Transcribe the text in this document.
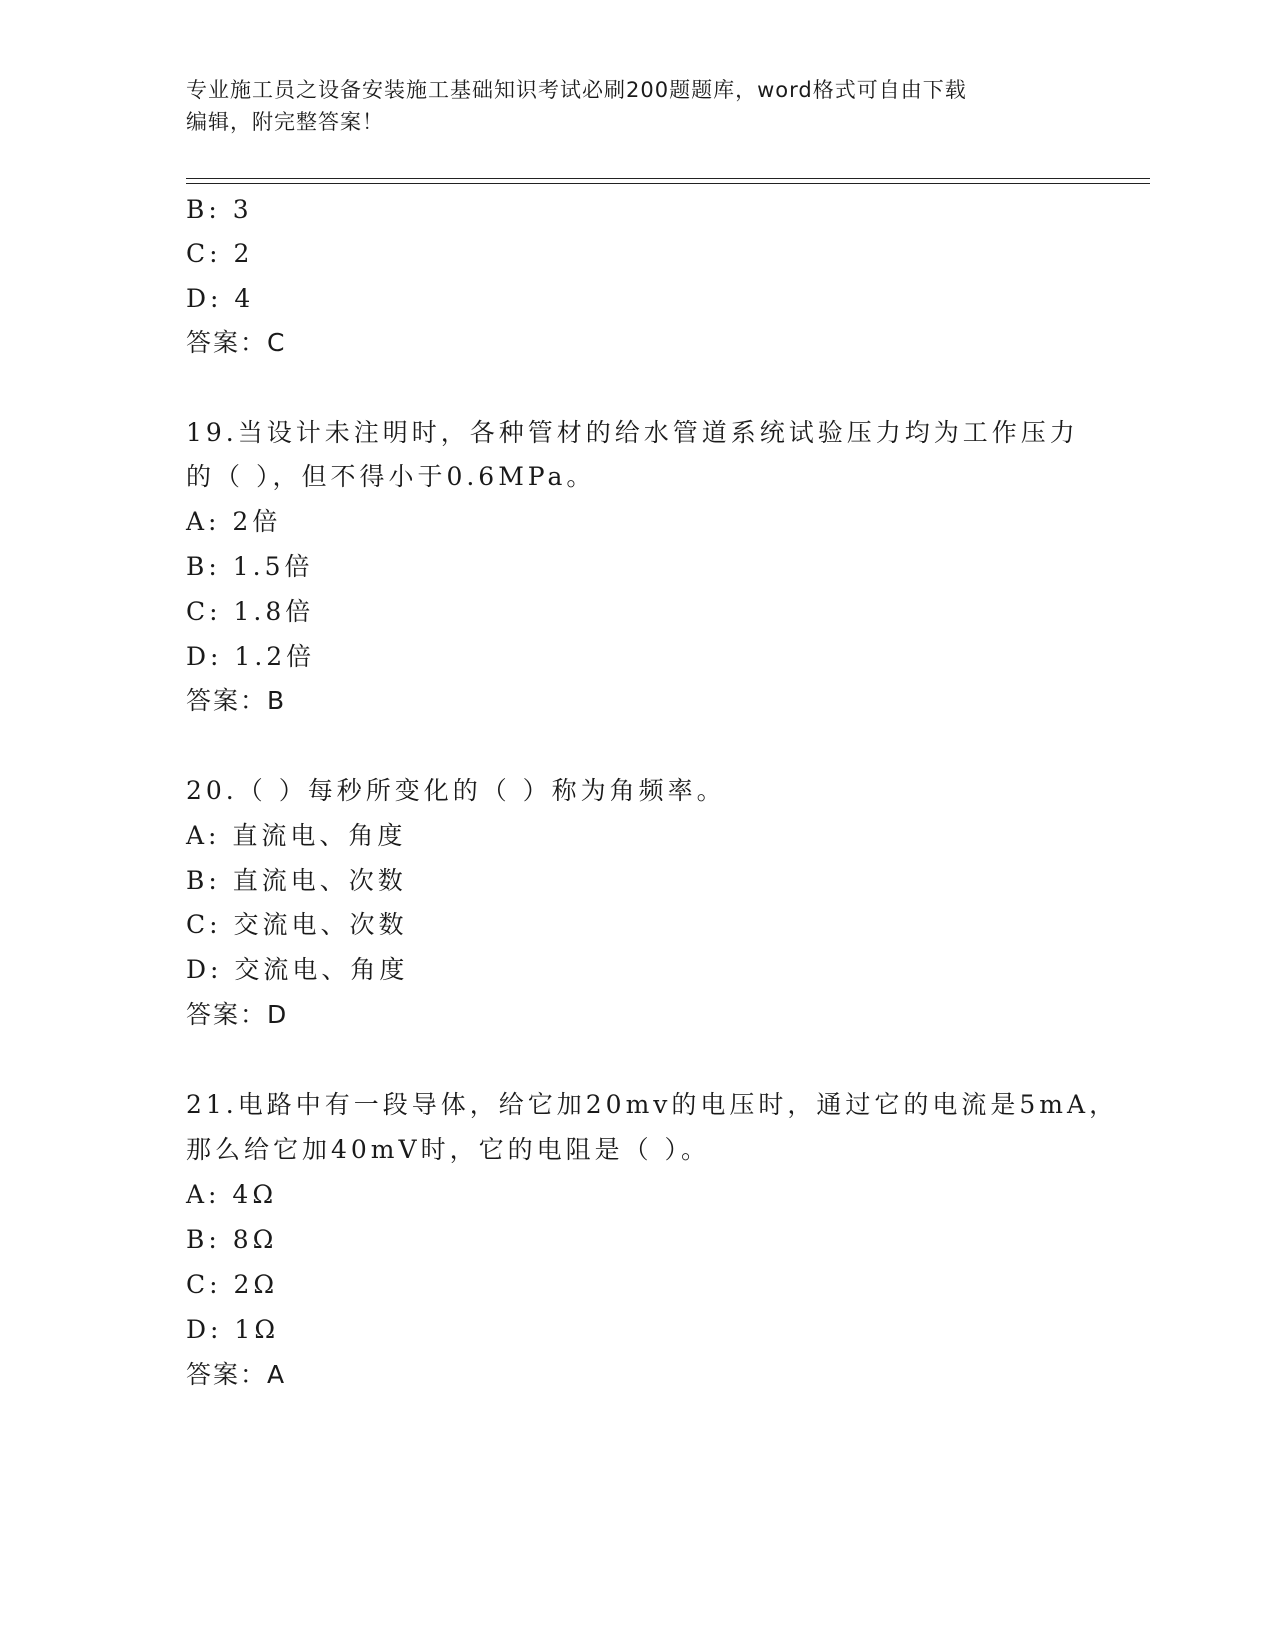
专业施工员之设备安装施工基础知识考试必刷200题题库，word格式可自由下载
编辑，附完整答案！
B: 3
C: 2
D: 4
答案：C
19.当设计未注明时，各种管材的给水管道系统试验压力均为工作压力
的（ ），但不得小于0.6MPa。
A: 2倍
B: 1.5倍
C: 1.8倍
D: 1.2倍
答案：B
20.（ ）每秒所变化的（ ）称为角频率。
A: 直流电、角度
B: 直流电、次数
C: 交流电、次数
D: 交流电、角度
答案：D
21.电路中有一段导体，给它加20mv的电压时，通过它的电流是5mA，
那么给它加40mV时，它的电阻是（ ）。
A: 4Ω
B: 8Ω
C: 2Ω
D: 1Ω
答案：A
